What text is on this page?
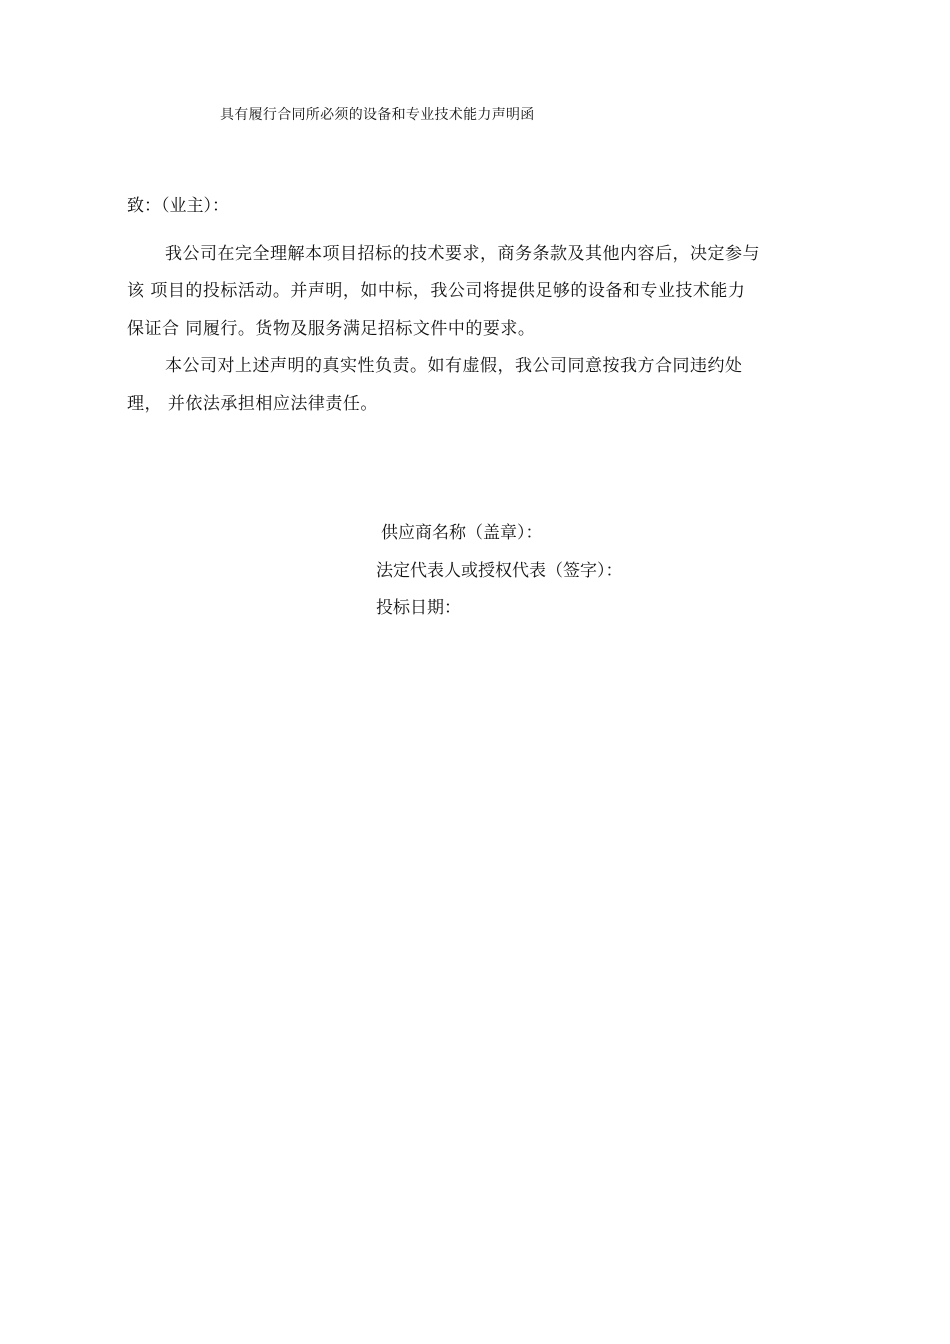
具有履行合同所必须的设备和专业技术能力声明函
致：（业主）：
我公司在完全理解本项目招标的技术要求，商务条款及其他内容后，决定参与
该 项目的投标活动。并声明，如中标，我公司将提供足够的设备和专业技术能力
保证合 同履行。货物及服务满足招标文件中的要求。
本公司对上述声明的真实性负责。如有虚假，我公司同意按我方合同违约处
理， 并依法承担相应法律责任。
供应商名称（盖章）：
法定代表人或授权代表（签字）：
投标日期：
